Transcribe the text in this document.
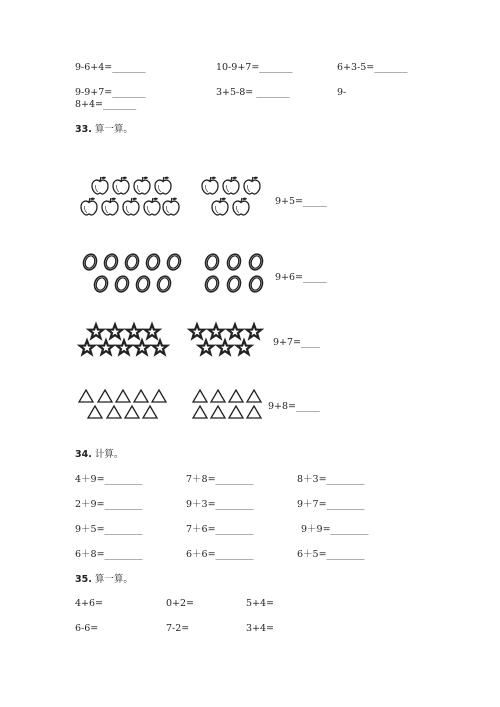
9-6+4=_______	10-9+7=_______	6+3-5=_______
9-9+7=_______	3+5-8= _______	9-
8+4=_______
33. 算一算。
9+5=_____
9+6=_____
9+7=____
9+8=_____
34. 计算。
4＋9=________	7＋8=________	8＋3=________
2＋9=________	9＋3=________	9＋7=________
9＋5=________	7＋6=________	9＋9=________
6＋8=________	6＋6=________	6＋5=________
35. 算一算。
4+6=	0+2=	5+4=
6-6=	7-2=	3+4=
